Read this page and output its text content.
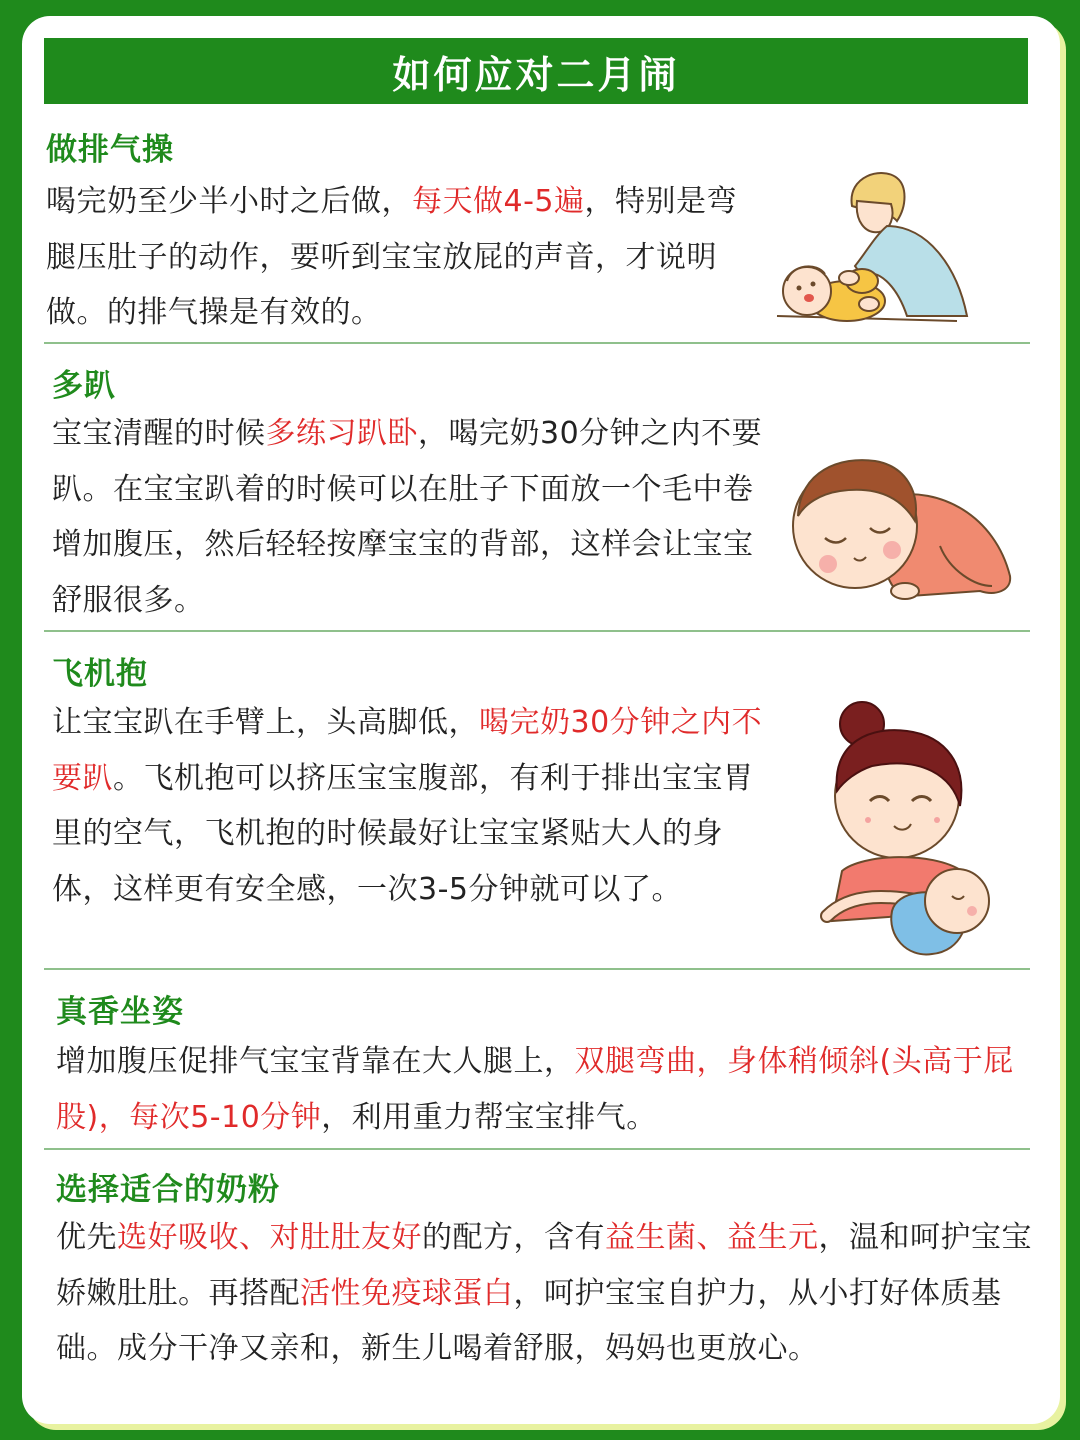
如何应对二月闹
做排气操
喝完奶至少半小时之后做，每天做4-5遍，特别是弯腿压肚子的动作，要听到宝宝放屁的声音，才说明做。的排气操是有效的。
多趴
宝宝清醒的时候多练习趴卧，喝完奶30分钟之内不要趴。在宝宝趴着的时候可以在肚子下面放一个毛中卷增加腹压，然后轻轻按摩宝宝的背部，这样会让宝宝舒服很多。
飞机抱
让宝宝趴在手臂上，头高脚低，喝完奶30分钟之内不要趴。飞机抱可以挤压宝宝腹部，有利于排出宝宝胃里的空气，飞机抱的时候最好让宝宝紧贴大人的身体，这样更有安全感，一次3-5分钟就可以了。
真香坐姿
增加腹压促排气宝宝背靠在大人腿上，双腿弯曲，身体稍倾斜(头高于屁股)，每次5-10分钟，利用重力帮宝宝排气。
选择适合的奶粉
优先选好吸收、对肚肚友好的配方，含有益生菌、益生元，温和呵护宝宝娇嫩肚肚。再搭配活性免疫球蛋白，呵护宝宝自护力，从小打好体质基础。成分干净又亲和，新生儿喝着舒服，妈妈也更放心。
